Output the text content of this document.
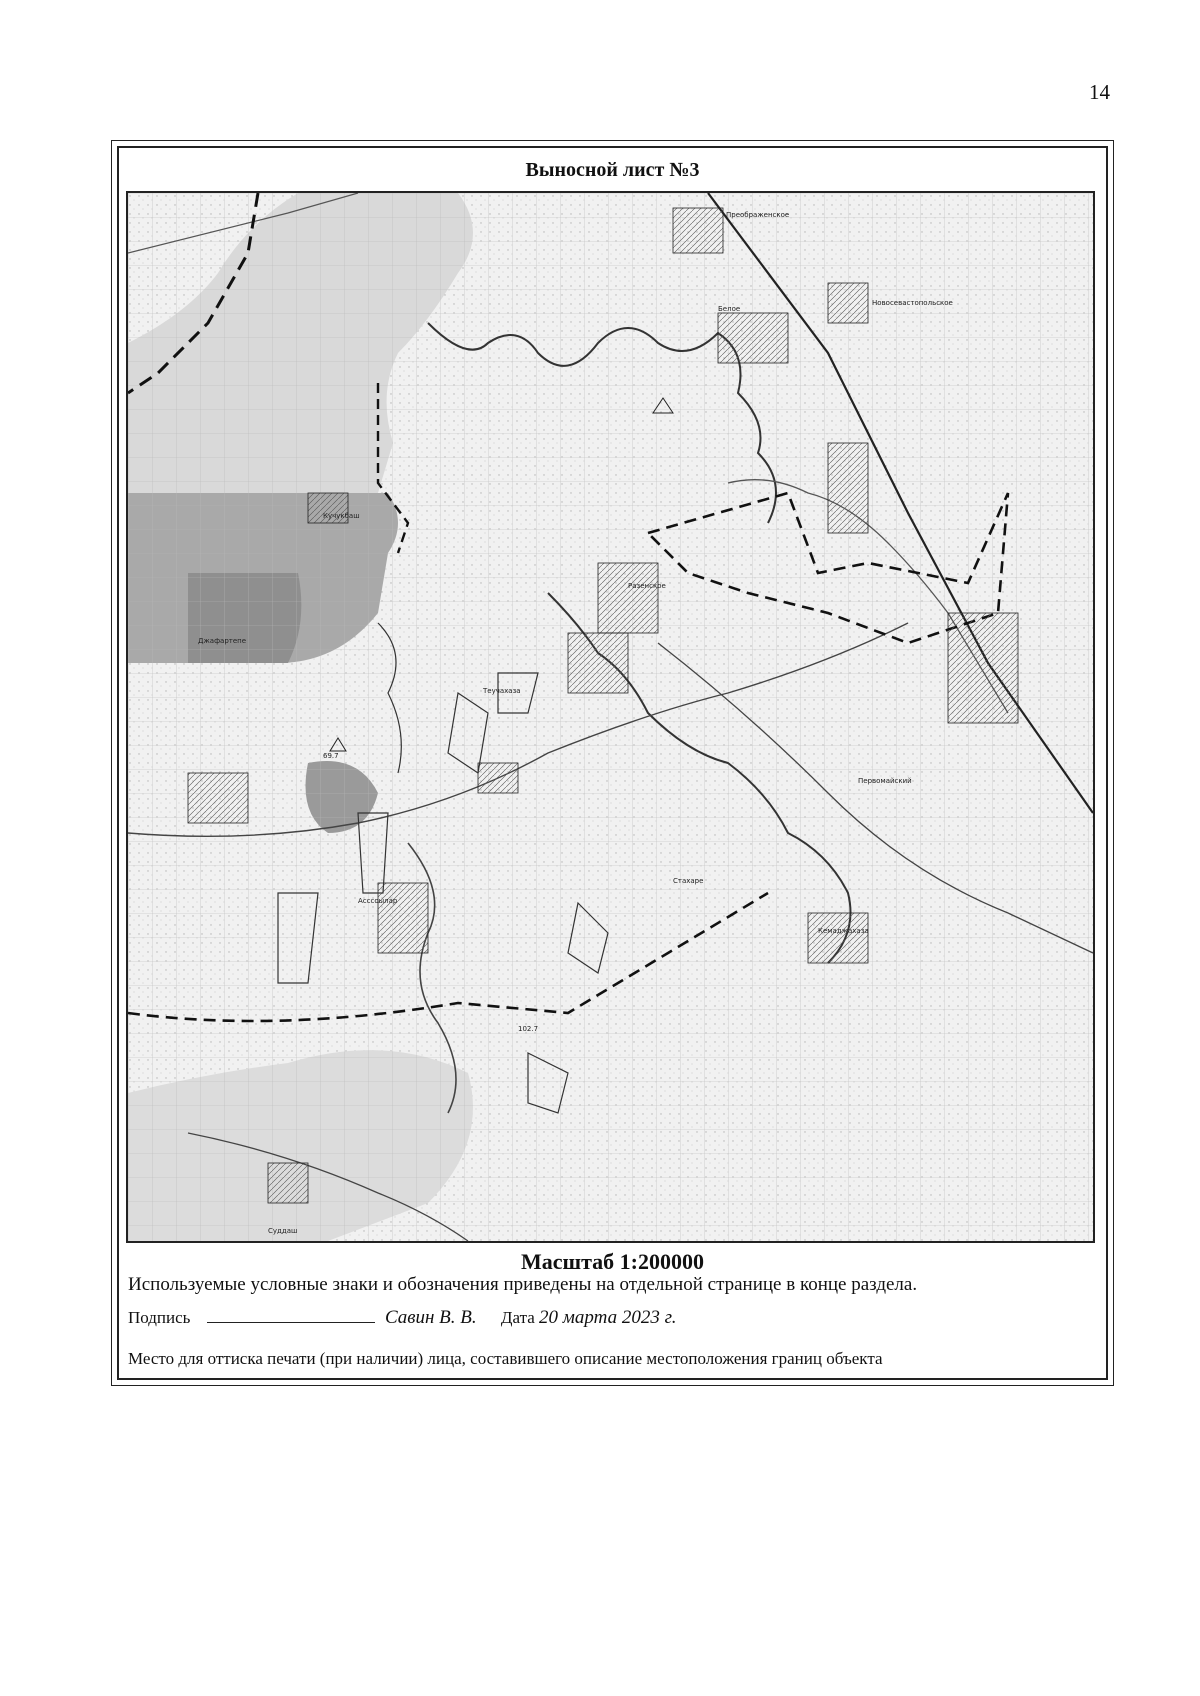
14
Выносной лист №3
Преображенское
Новосевастопольское
Белое
Кучукбаш
Джафартепе
Разенское
Теучахаза
Первомайский
Асссоылар
Стахаре
Кемаджахаза
Суддаш
69.7
102.7
Масштаб 1:200000
Используемые условные знаки и обозначения приведены на отдельной странице в конце раздела.
Подпись	Савин В. В. Дата 20 марта 2023 г.
Место для оттиска печати (при наличии) лица, составившего описание местоположения границ объекта
